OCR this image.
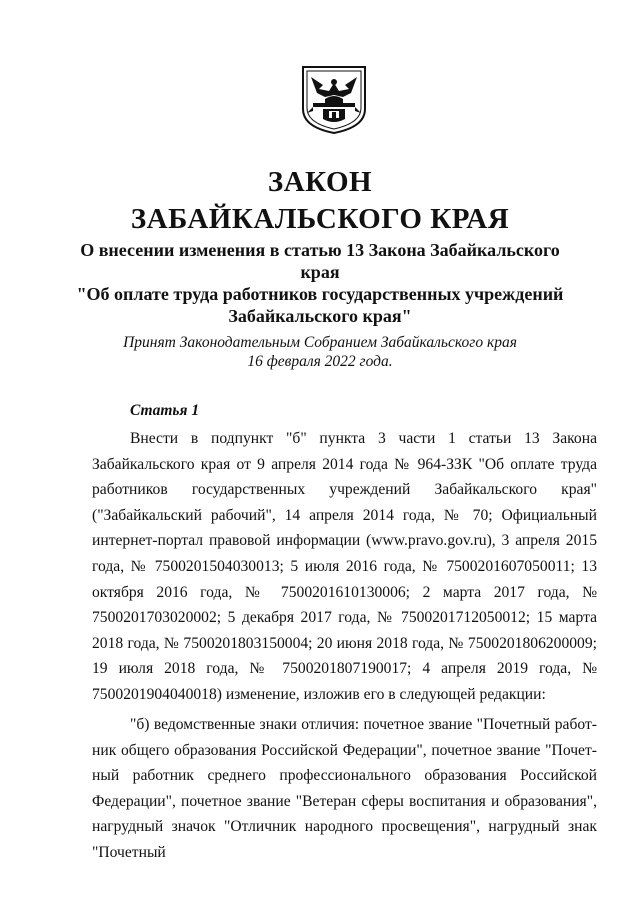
ЗАКОН
ЗАБАЙКАЛЬСКОГО КРАЯ
О внесении изменения в статью 13 Закона Забайкальского края
"Об оплате труда работников государственных учреждений
Забайкальского края"
Принят Законодательным Собранием Забайкальского края
16 февраля 2022 года.
Статья 1

Внести в подпункт "б" пункта 3 части 1 статьи 13 Закона Забайкальского края от 9 апреля 2014 года № 964-ЗЗК "Об оплате труда работников государственных учреждений Забайкальского края" ("Забайкальский рабочий", 14 апреля 2014 года, № 70; Официальный интернет-портал правовой информации (www.pravo.gov.ru), 3 апреля 2015 года, № 7500201504030013; 5 июля 2016 года, № 7500201607050011; 13 октября 2016 года, № 7500201610130006; 2 марта 2017 года, № 7500201703020002; 5 декабря 2017 года, № 7500201712050012; 15 марта 2018 года, № 7500201803150004; 20 июня 2018 года, № 7500201806200009; 19 июля 2018 года, № 7500201807190017; 4 апреля 2019 года, № 7500201904040018) изменение, изложив его в следующей редакции:

"б) ведомственные знаки отличия: почетное звание "Почетный работник общего образования Российской Федерации", почетное звание "Почетный работник среднего профессионального образования Российской Федерации", почетное звание "Ветеран сферы воспитания и образования", нагрудный значок "Отличник народного просвещения", нагрудный знак "Почетный
